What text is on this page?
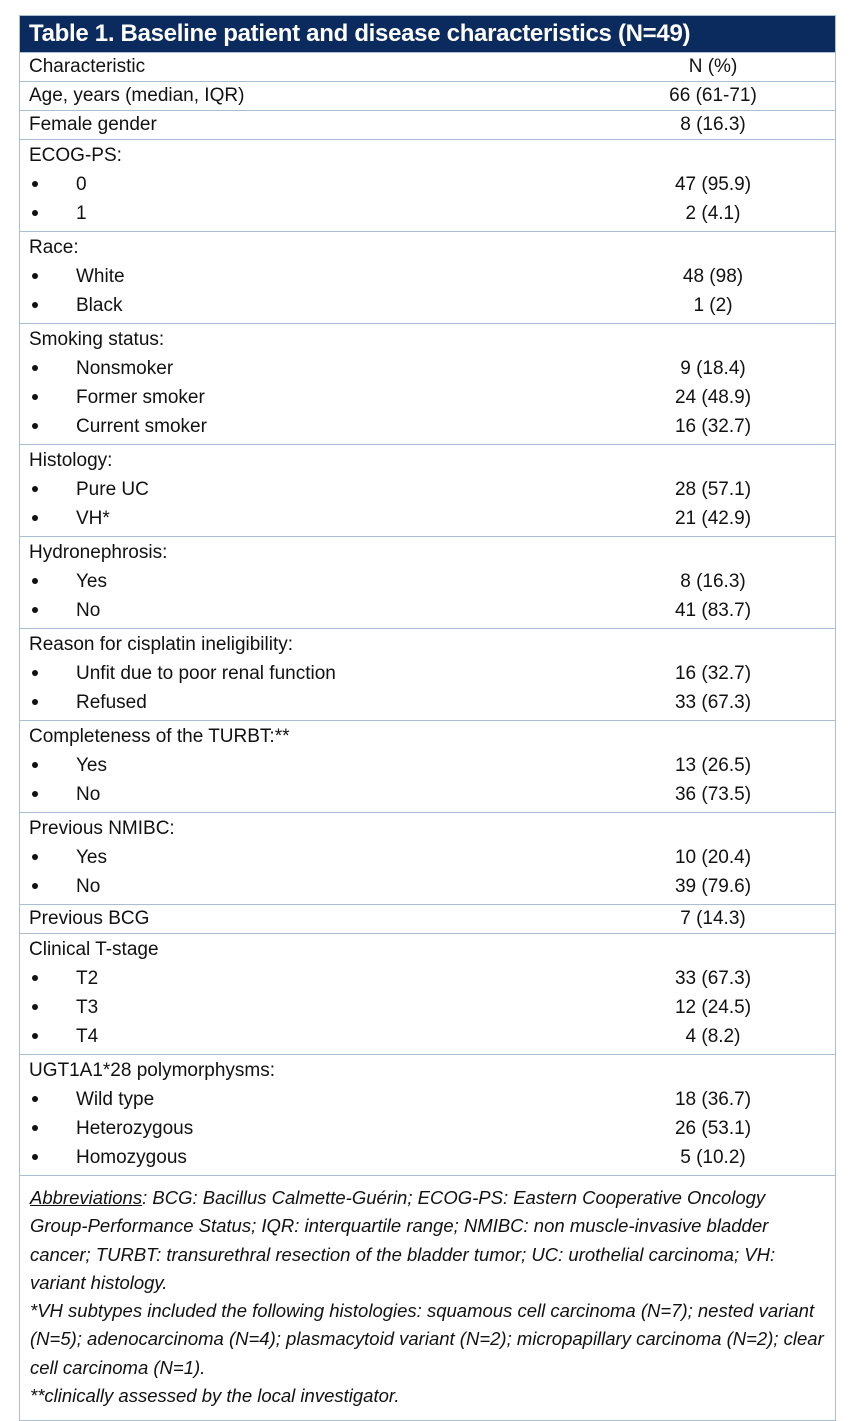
Table 1. Baseline patient and disease characteristics (N=49)
Characteristic	N (%)
Age, years (median, IQR)	66 (61-71)
Female gender	8 (16.3)
ECOG-PS:
0	47 (95.9)
1	2 (4.1)
Race:
White	48 (98)
Black	1 (2)
Smoking status:
Nonsmoker	9 (18.4)
Former smoker	24 (48.9)
Current smoker	16 (32.7)
Histology:
Pure UC	28 (57.1)
VH*	21 (42.9)
Hydronephrosis:
Yes	8 (16.3)
No	41 (83.7)
Reason for cisplatin ineligibility:
Unfit due to poor renal function	16 (32.7)
Refused	33 (67.3)
Completeness of the TURBT:**
Yes	13 (26.5)
No	36 (73.5)
Previous NMIBC:
Yes	10 (20.4)
No	39 (79.6)
Previous BCG	7 (14.3)
Clinical T-stage
T2	33 (67.3)
T3	12 (24.5)
T4	4 (8.2)
UGT1A1*28 polymorphysms:
Wild type	18 (36.7)
Heterozygous	26 (53.1)
Homozygous	5 (10.2)

Abbreviations: BCG: Bacillus Calmette-Guérin; ECOG-PS: Eastern Cooperative Oncology Group-Performance Status; IQR: interquartile range; NMIBC: non muscle-invasive bladder cancer; TURBT: transurethral resection of the bladder tumor; UC: urothelial carcinoma; VH: variant histology.

*VH subtypes included the following histologies: squamous cell carcinoma (N=7); nested variant (N=5); adenocarcinoma (N=4); plasmacytoid variant (N=2); micropapillary carcinoma (N=2); clear cell carcinoma (N=1).

**clinically assessed by the local investigator.
